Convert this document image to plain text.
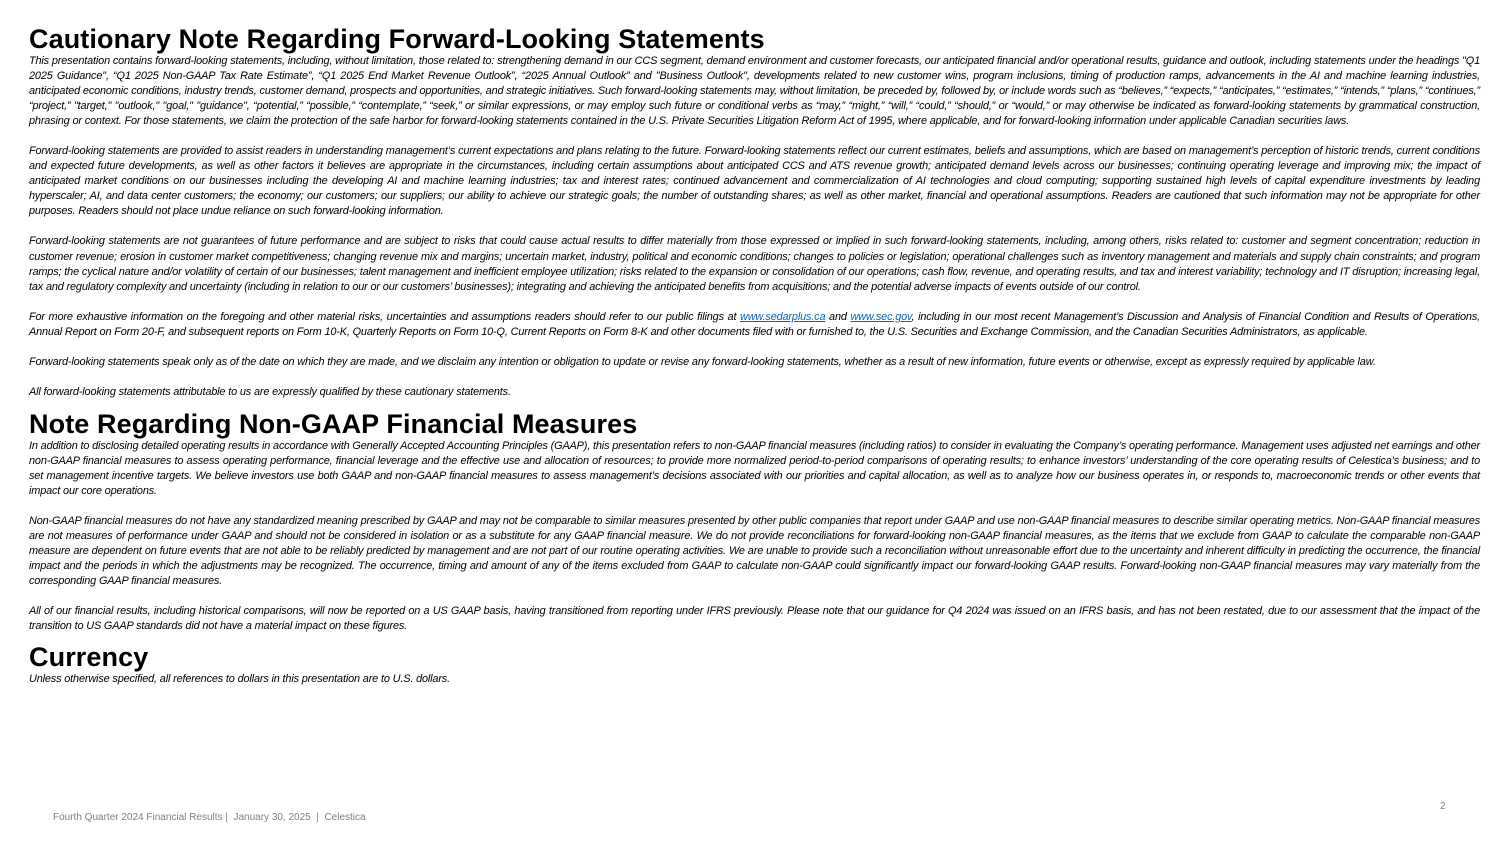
Cautionary Note Regarding Forward-Looking Statements

This presentation contains forward-looking statements, including, without limitation, those related to: strengthening demand in our CCS segment, demand environment and customer forecasts, our anticipated financial and/or operational results, guidance and outlook, including statements under the headings "Q1 2025 Guidance", “Q1 2025 Non-GAAP Tax Rate Estimate”, “Q1 2025 End Market Revenue Outlook”, “2025 Annual Outlook” and "Business Outlook", developments related to new customer wins, program inclusions, timing of production ramps, advancements in the AI and machine learning industries, anticipated economic conditions, industry trends, customer demand, prospects and opportunities, and strategic initiatives. Such forward-looking statements may, without limitation, be preceded by, followed by, or include words such as “believes,” “expects,” “anticipates,” “estimates,” “intends,” “plans,” “continues,” “project,” "target," "outlook," "goal," "guidance", “potential,” “possible,” “contemplate,” “seek,” or similar expressions, or may employ such future or conditional verbs as “may,” “might,” “will,” “could,” “should,” or “would,” or may otherwise be indicated as forward-looking statements by grammatical construction, phrasing or context. For those statements, we claim the protection of the safe harbor for forward-looking statements contained in the U.S. Private Securities Litigation Reform Act of 1995, where applicable, and for forward-looking information under applicable Canadian securities laws.

Forward-looking statements are provided to assist readers in understanding management’s current expectations and plans relating to the future. Forward-looking statements reflect our current estimates, beliefs and assumptions, which are based on management’s perception of historic trends, current conditions and expected future developments, as well as other factors it believes are appropriate in the circumstances, including certain assumptions about anticipated CCS and ATS revenue growth; anticipated demand levels across our businesses; continuing operating leverage and improving mix; the impact of anticipated market conditions on our businesses including the developing AI and machine learning industries; tax and interest rates; continued advancement and commercialization of AI technologies and cloud computing; supporting sustained high levels of capital expenditure investments by leading hyperscaler; AI, and data center customers; the economy; our customers; our suppliers; our ability to achieve our strategic goals; the number of outstanding shares; as well as other market, financial and operational assumptions. Readers are cautioned that such information may not be appropriate for other purposes. Readers should not place undue reliance on such forward-looking information.

Forward-looking statements are not guarantees of future performance and are subject to risks that could cause actual results to differ materially from those expressed or implied in such forward-looking statements, including, among others, risks related to: customer and segment concentration; reduction in customer revenue; erosion in customer market competitiveness; changing revenue mix and margins; uncertain market, industry, political and economic conditions; changes to policies or legislation; operational challenges such as inventory management and materials and supply chain constraints; and program ramps; the cyclical nature and/or volatility of certain of our businesses; talent management and inefficient employee utilization; risks related to the expansion or consolidation of our operations; cash flow, revenue, and operating results, and tax and interest variability; technology and IT disruption; increasing legal, tax and regulatory complexity and uncertainty (including in relation to our or our customers’ businesses); integrating and achieving the anticipated benefits from acquisitions; and the potential adverse impacts of events outside of our control.

For more exhaustive information on the foregoing and other material risks, uncertainties and assumptions readers should refer to our public filings at www.sedarplus.ca and www.sec.gov, including in our most recent Management’s Discussion and Analysis of Financial Condition and Results of Operations, Annual Report on Form 20-F, and subsequent reports on Form 10-K, Quarterly Reports on Form 10-Q, Current Reports on Form 8-K and other documents filed with or furnished to, the U.S. Securities and Exchange Commission, and the Canadian Securities Administrators, as applicable.

Forward-looking statements speak only as of the date on which they are made, and we disclaim any intention or obligation to update or revise any forward-looking statements, whether as a result of new information, future events or otherwise, except as expressly required by applicable law.

All forward-looking statements attributable to us are expressly qualified by these cautionary statements.

Note Regarding Non-GAAP Financial Measures

In addition to disclosing detailed operating results in accordance with Generally Accepted Accounting Principles (GAAP), this presentation refers to non-GAAP financial measures (including ratios) to consider in evaluating the Company’s operating performance. Management uses adjusted net earnings and other non-GAAP financial measures to assess operating performance, financial leverage and the effective use and allocation of resources; to provide more normalized period-to-period comparisons of operating results; to enhance investors’ understanding of the core operating results of Celestica’s business; and to set management incentive targets. We believe investors use both GAAP and non-GAAP financial measures to assess management’s decisions associated with our priorities and capital allocation, as well as to analyze how our business operates in, or responds to, macroeconomic trends or other events that impact our core operations.

Non-GAAP financial measures do not have any standardized meaning prescribed by GAAP and may not be comparable to similar measures presented by other public companies that report under GAAP and use non-GAAP financial measures to describe similar operating metrics. Non-GAAP financial measures are not measures of performance under GAAP and should not be considered in isolation or as a substitute for any GAAP financial measure. We do not provide reconciliations for forward-looking non-GAAP financial measures, as the items that we exclude from GAAP to calculate the comparable non-GAAP measure are dependent on future events that are not able to be reliably predicted by management and are not part of our routine operating activities. We are unable to provide such a reconciliation without unreasonable effort due to the uncertainty and inherent difficulty in predicting the occurrence, the financial impact and the periods in which the adjustments may be recognized. The occurrence, timing and amount of any of the items excluded from GAAP to calculate non-GAAP could significantly impact our forward-looking GAAP results. Forward-looking non-GAAP financial measures may vary materially from the corresponding GAAP financial measures.

All of our financial results, including historical comparisons, will now be reported on a US GAAP basis, having transitioned from reporting under IFRS previously. Please note that our guidance for Q4 2024 was issued on an IFRS basis, and has not been restated, due to our assessment that the impact of the transition to US GAAP standards did not have a material impact on these figures.

Currency

Unless otherwise specified, all references to dollars in this presentation are to U.S. dollars.

Fourth Quarter 2024 Financial Results |  January 30, 2025  |  Celestica
2
